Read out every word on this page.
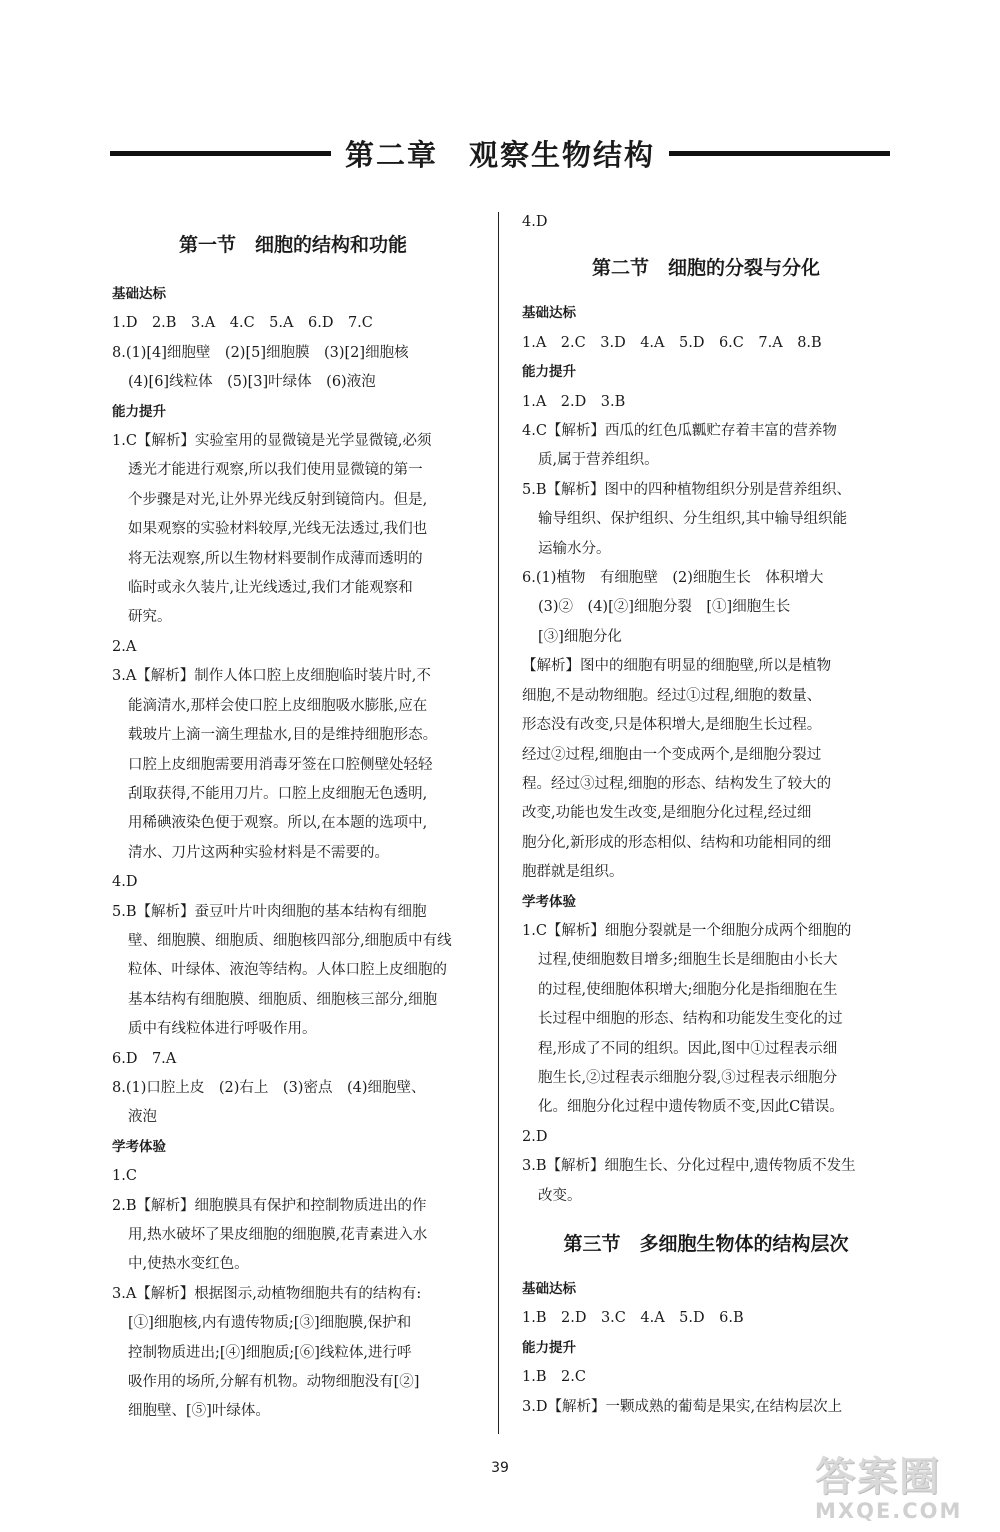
第二章　观察生物结构
第一节　细胞的结构和功能
基础达标
1.D　2.B　3.A　4.C　5.A　6.D　7.C
8.(1)[4]细胞壁　(2)[5]细胞膜　(3)[2]细胞核
(4)[6]线粒体　(5)[3]叶绿体　(6)液泡
能力提升
1.C【解析】实验室用的显微镜是光学显微镜,必须
透光才能进行观察,所以我们使用显微镜的第一
个步骤是对光,让外界光线反射到镜筒内。但是,
如果观察的实验材料较厚,光线无法透过,我们也
将无法观察,所以生物材料要制作成薄而透明的
临时或永久装片,让光线透过,我们才能观察和
研究。
2.A
3.A【解析】制作人体口腔上皮细胞临时装片时,不
能滴清水,那样会使口腔上皮细胞吸水膨胀,应在
载玻片上滴一滴生理盐水,目的是维持细胞形态。
口腔上皮细胞需要用消毒牙签在口腔侧壁处轻轻
刮取获得,不能用刀片。口腔上皮细胞无色透明,
用稀碘液染色便于观察。所以,在本题的选项中,
清水、刀片这两种实验材料是不需要的。
4.D
5.B【解析】蚕豆叶片叶肉细胞的基本结构有细胞
壁、细胞膜、细胞质、细胞核四部分,细胞质中有线
粒体、叶绿体、液泡等结构。人体口腔上皮细胞的
基本结构有细胞膜、细胞质、细胞核三部分,细胞
质中有线粒体进行呼吸作用。
6.D　7.A
8.(1)口腔上皮　(2)右上　(3)密点　(4)细胞壁、
液泡
学考体验
1.C
2.B【解析】细胞膜具有保护和控制物质进出的作
用,热水破坏了果皮细胞的细胞膜,花青素进入水
中,使热水变红色。
3.A【解析】根据图示,动植物细胞共有的结构有:
[①]细胞核,内有遗传物质;[③]细胞膜,保护和
控制物质进出;[④]细胞质;[⑥]线粒体,进行呼
吸作用的场所,分解有机物。动物细胞没有[②]
细胞壁、[⑤]叶绿体。
4.D
第二节　细胞的分裂与分化
基础达标
1.A　2.C　3.D　4.A　5.D　6.C　7.A　8.B
能力提升
1.A　2.D　3.B
4.C【解析】西瓜的红色瓜瓤贮存着丰富的营养物
质,属于营养组织。
5.B【解析】图中的四种植物组织分别是营养组织、
输导组织、保护组织、分生组织,其中输导组织能
运输水分。
6.(1)植物　有细胞壁　(2)细胞生长　体积增大
(3)②　(4)[②]细胞分裂　[①]细胞生长
[③]细胞分化
【解析】图中的细胞有明显的细胞壁,所以是植物
细胞,不是动物细胞。经过①过程,细胞的数量、
形态没有改变,只是体积增大,是细胞生长过程。
经过②过程,细胞由一个变成两个,是细胞分裂过
程。经过③过程,细胞的形态、结构发生了较大的
改变,功能也发生改变,是细胞分化过程,经过细
胞分化,新形成的形态相似、结构和功能相同的细
胞群就是组织。
学考体验
1.C【解析】细胞分裂就是一个细胞分成两个细胞的
过程,使细胞数目增多;细胞生长是细胞由小长大
的过程,使细胞体积增大;细胞分化是指细胞在生
长过程中细胞的形态、结构和功能发生变化的过
程,形成了不同的组织。因此,图中①过程表示细
胞生长,②过程表示细胞分裂,③过程表示细胞分
化。细胞分化过程中遗传物质不变,因此C错误。
2.D
3.B【解析】细胞生长、分化过程中,遗传物质不发生
改变。
第三节　多细胞生物体的结构层次
基础达标
1.B　2.D　3.C　4.A　5.D　6.B
能力提升
1.B　2.C
3.D【解析】一颗成熟的葡萄是果实,在结构层次上
39	答案圈
MXQE.COM
